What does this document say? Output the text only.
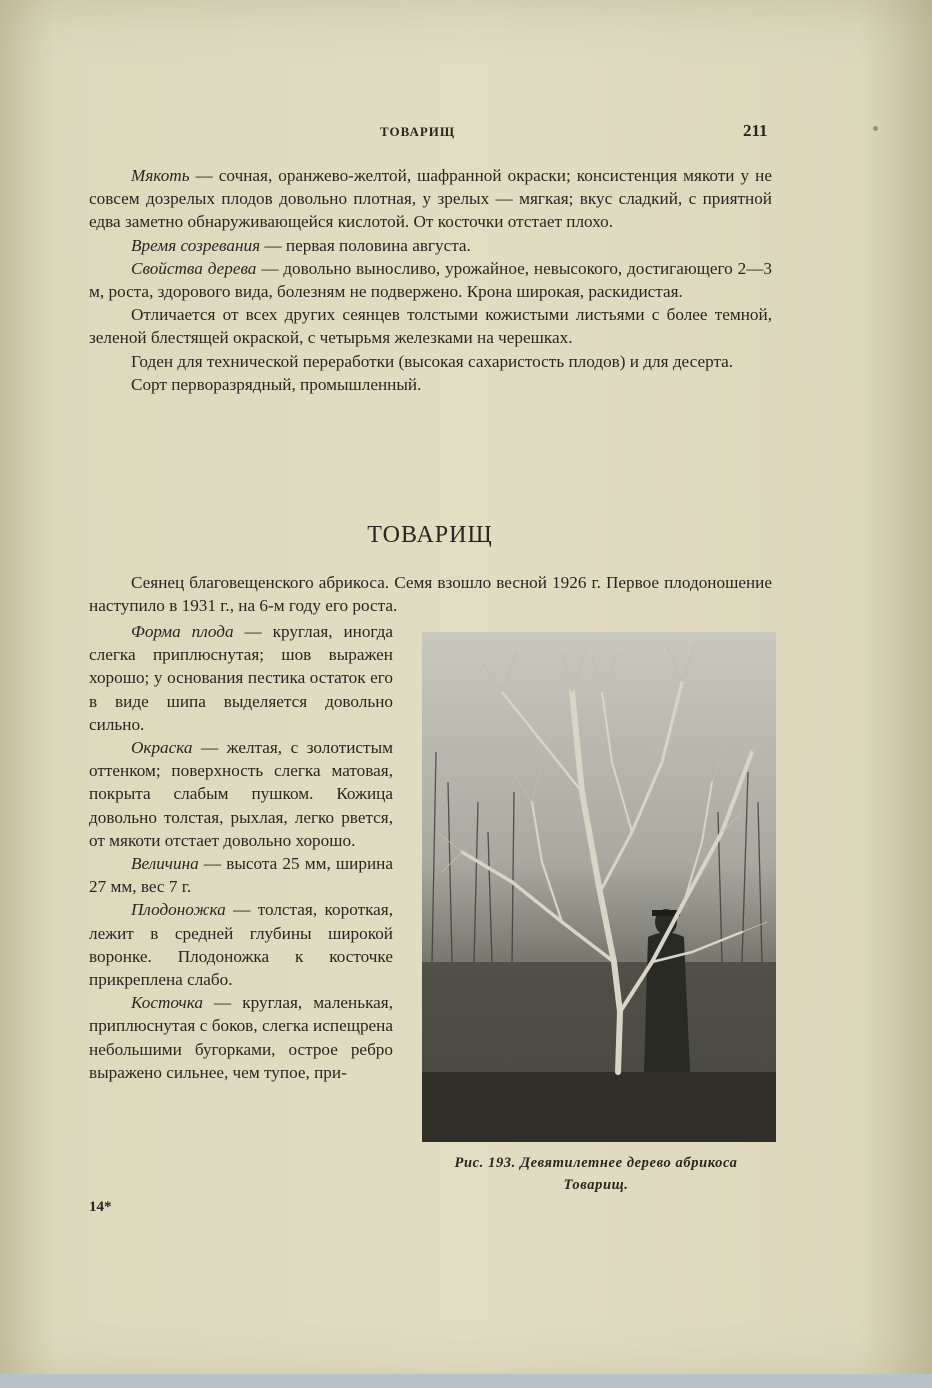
ТОВАРИЩ	211

Мякоть — сочная, оранжево-желтой, шафранной окраски; консистенция мякоти у не совсем дозрелых плодов довольно плотная, у зрелых — мягкая; вкус сладкий, с приятной едва заметно обнаруживающейся кислотой. От косточки отстает плохо.

Время созревания — первая половина августа.

Свойства дерева — довольно выносливо, урожайное, невысокого, достигающего 2—3 м, роста, здорового вида, болезням не подвержено. Крона широкая, раскидистая.

Отличается от всех других сеянцев толстыми кожистыми листьями с более темной, зеленой блестящей окраской, с четырьмя железками на черешках.

Годен для технической переработки (высокая сахаристость плодов) и для десерта.

Сорт перворазрядный, промышленный.

ТОВАРИЩ

Сеянец благовещенского абрикоса. Семя взошло весной 1926 г. Первое плодоношение наступило в 1931 г., на 6-м году его роста.

Форма плода — круглая, иногда слегка приплюснутая; шов выражен хорошо; у основания пестика остаток его в виде шипа выделяется довольно сильно.

Окраска — желтая, с золотистым оттенком; поверхность слегка матовая, покрыта слабым пушком. Кожица довольно толстая, рыхлая, легко рвется, от мякоти отстает довольно хорошо.

Величина — высота 25 мм, ширина 27 мм, вес 7 г.

Плодоножка — толстая, короткая, лежит в средней глубины широкой воронке. Плодоножка к косточке прикреплена слабо.

Косточка — круглая, маленькая, приплюснутая с боков, слегка испещрена небольшими бугорками, острое ребро выражено сильнее, чем тупое, при-

Рис. 193. Девятилетнее дерево абрикоса
Товарищ.
14*
